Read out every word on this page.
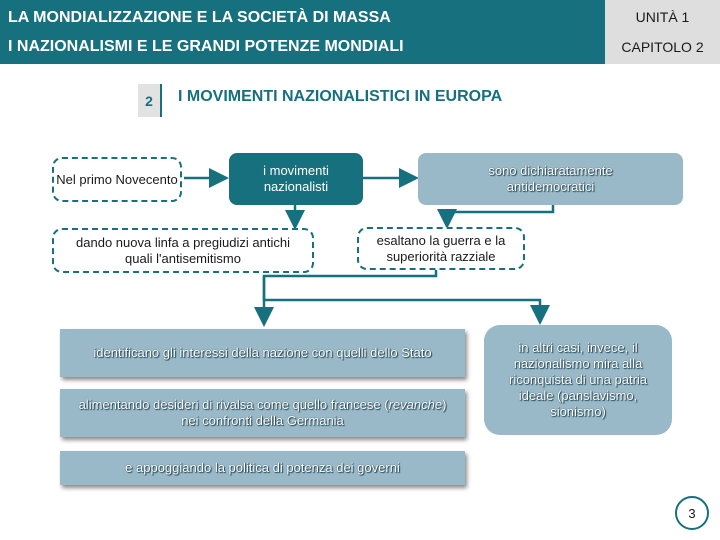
LA MONDIALIZZAZIONE E LA SOCIETÀ DI MASSA
I NAZIONALISMI E LE GRANDI POTENZE MONDIALI
UNITÀ 1
CAPITOLO 2
2	I MOVIMENTI NAZIONALISTICI IN EUROPA
Nel primo Novecento
i movimenti nazionalisti
sono dichiaratamente antidemocratici
dando nuova linfa a pregiudizi antichi quali l'antisemitismo
esaltano la guerra e la superiorità razziale
identificano gli interessi della nazione con quelli dello Stato
alimentando desideri di rivalsa come quello francese (revanche) nei confronti della Germania
e appoggiando la politica di potenza dei governi
in altri casi, invece, il nazionalismo mira alla riconquista di una patria ideale (panslavismo, sionismo)
3
